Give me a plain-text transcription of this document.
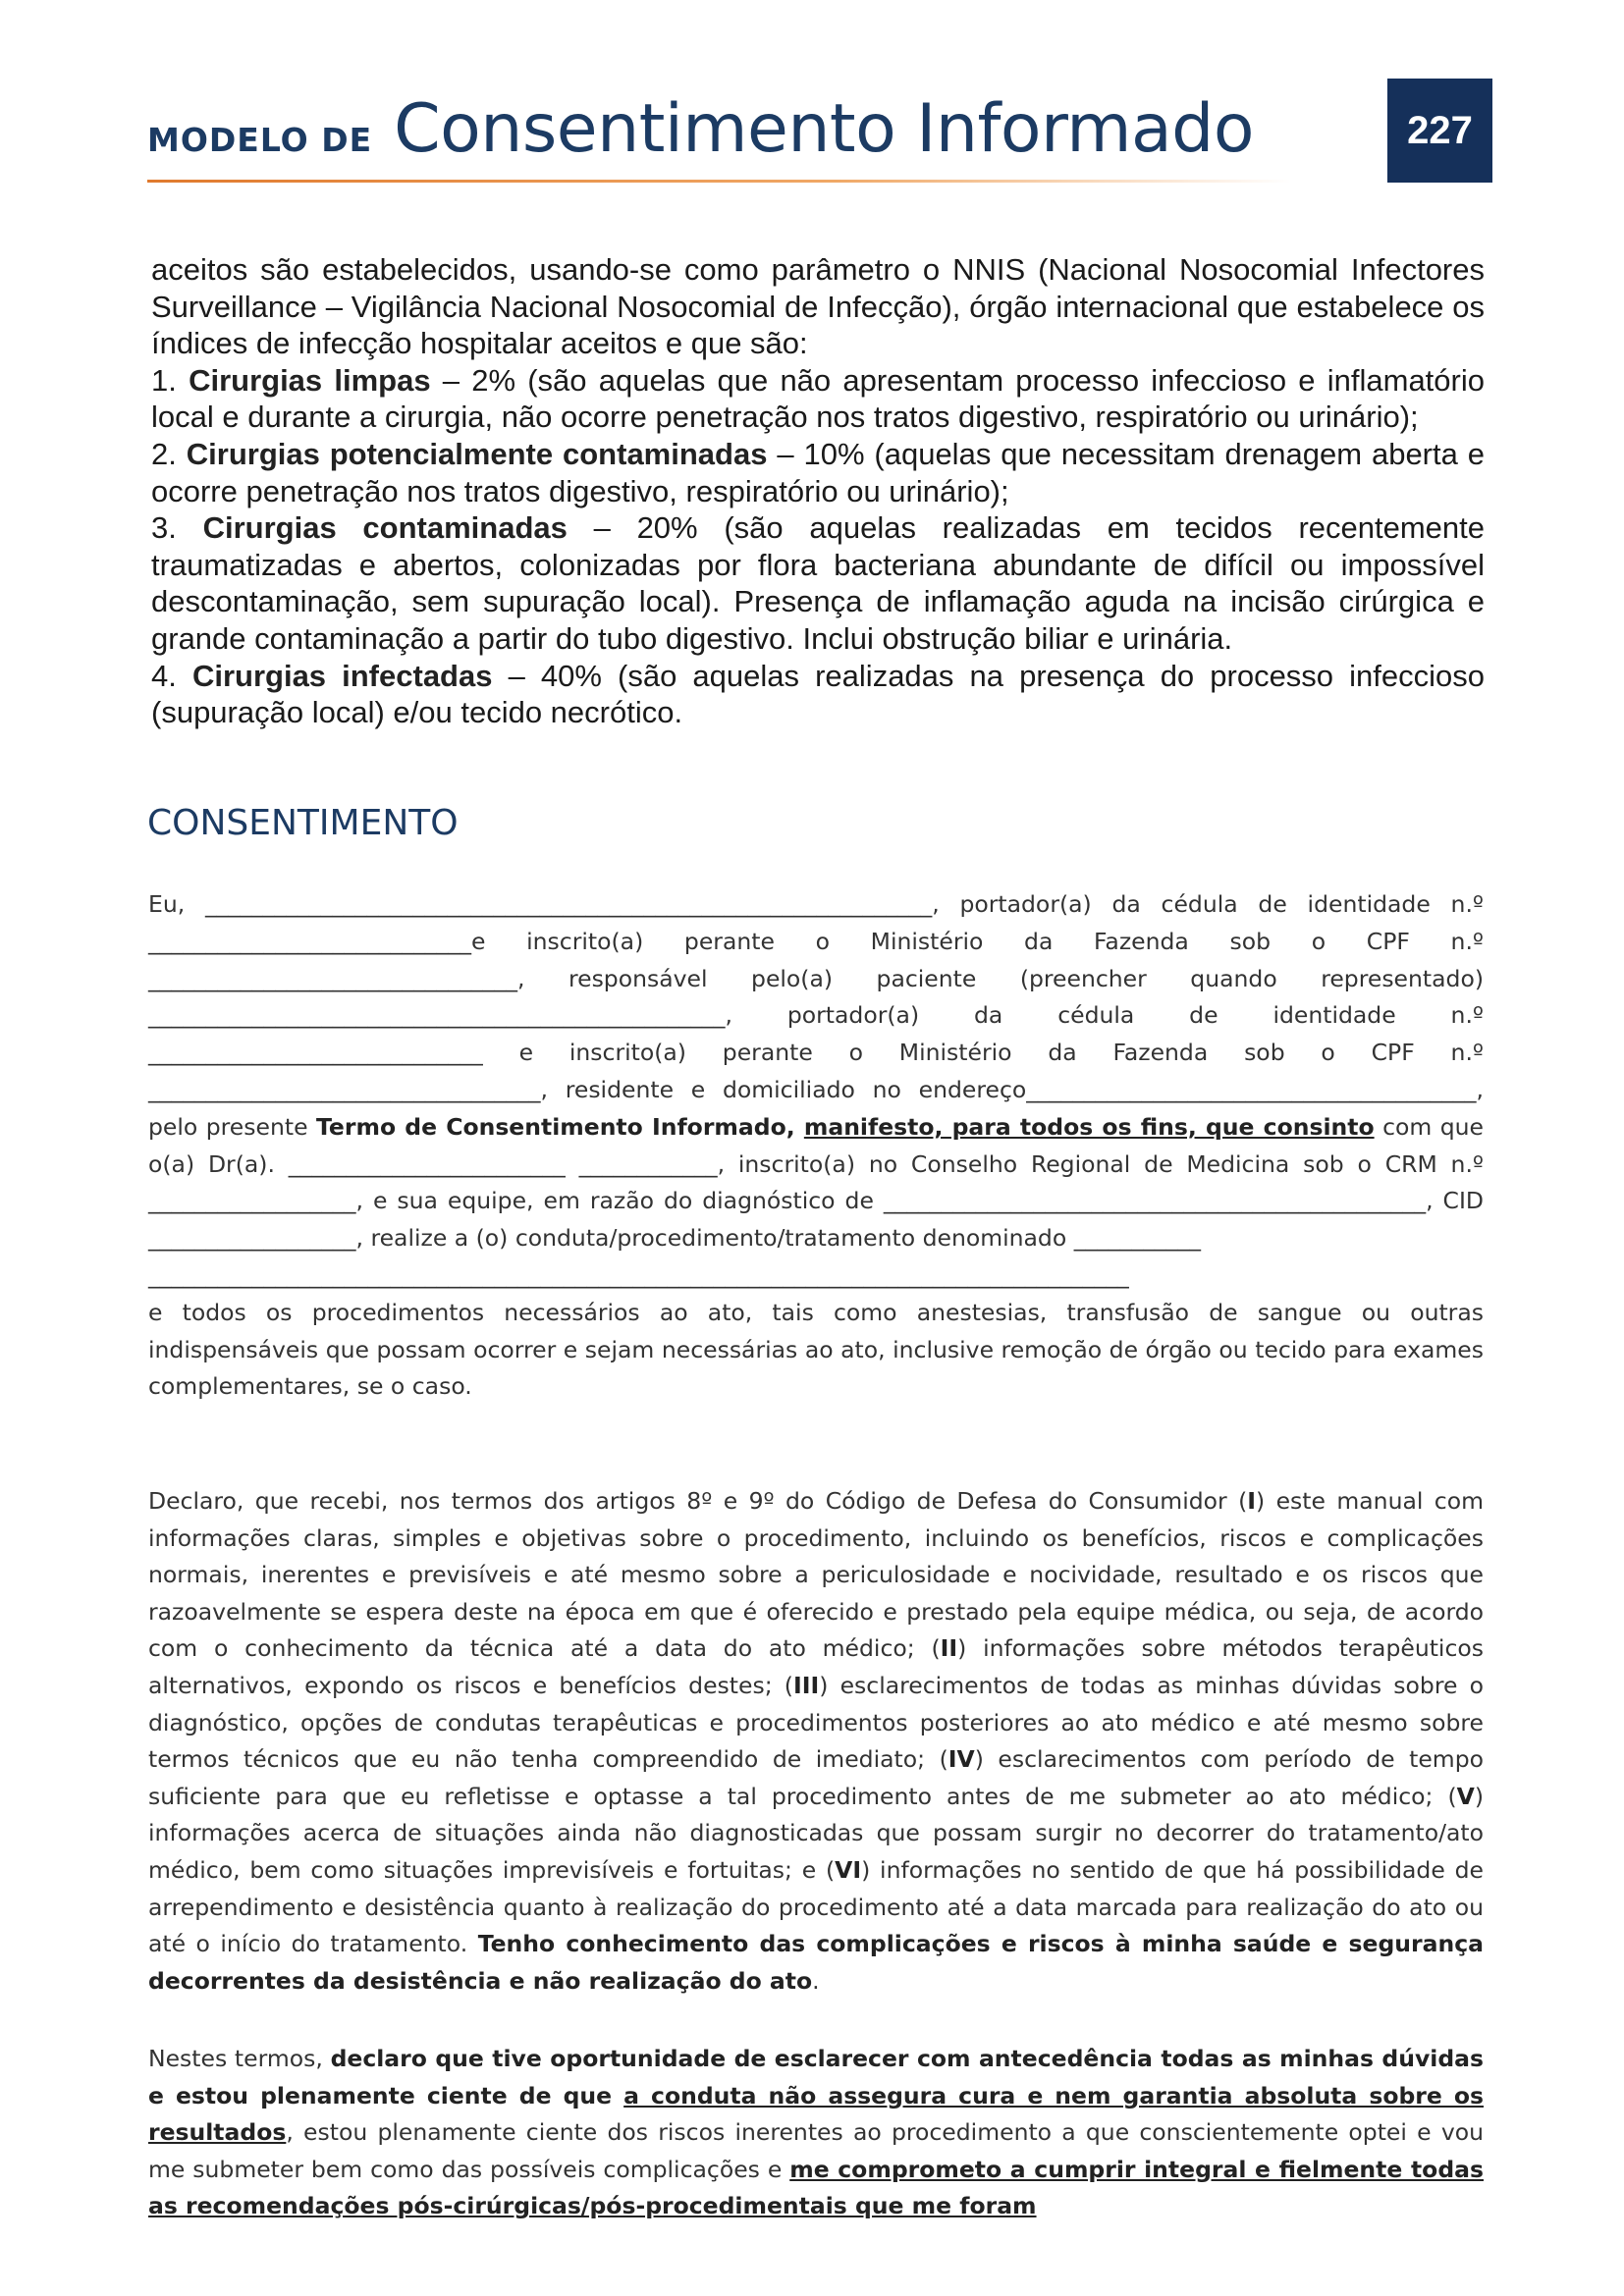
MODELO DE Consentimento Informado	227

aceitos são estabelecidos, usando-se como parâmetro o NNIS (Nacional Nosocomial Infectores Surveillance – Vigilância Nacional Nosocomial de Infecção), órgão internacional que estabelece os índices de infecção hospitalar aceitos e que são:

1. Cirurgias limpas – 2% (são aquelas que não apresentam processo infeccioso e inflamatório local e durante a cirurgia, não ocorre penetração nos tratos digestivo, respiratório ou urinário);

2. Cirurgias potencialmente contaminadas – 10% (aquelas que necessitam drenagem aberta e ocorre penetração nos tratos digestivo, respiratório ou urinário);

3. Cirurgias contaminadas – 20% (são aquelas realizadas em tecidos recentemente traumatizadas e abertos, colonizadas por flora bacteriana abundante de difícil ou impossível descontaminação, sem supuração local). Presença de inflamação aguda na incisão cirúrgica e grande contaminação a partir do tubo digestivo. Inclui obstrução biliar e urinária.

4. Cirurgias infectadas – 40% (são aquelas realizadas na presença do processo infeccioso (supuração local) e/ou tecido necrótico.

CONSENTIMENTO

Eu, _______________________________________________________________, portador(a) da cédula de identidade n.º ____________________________e inscrito(a) perante o Ministério da Fazenda sob o CPF n.º ________________________________, responsável pelo(a) paciente (preencher quando representado) __________________________________________________, portador(a) da cédula de identidade n.º _____________________________ e inscrito(a) perante o Ministério da Fazenda sob o CPF n.º __________________________________, residente e domiciliado no endereço_______________________________________, pelo presente Termo de Consentimento Informado, manifesto, para todos os fins, que consinto com que o(a) Dr(a). ________________________ ____________, inscrito(a) no Conselho Regional de Medicina sob o CRM n.º __________________, e sua equipe, em razão do diagnóstico de _______________________________________________, CID __________________, realize a (o) conduta/procedimento/tratamento denominado ___________

_____________________________________________________________________________________

e todos os procedimentos necessários ao ato, tais como anestesias, transfusão de sangue ou outras indispensáveis que possam ocorrer e sejam necessárias ao ato, inclusive remoção de órgão ou tecido para exames complementares, se o caso.

Declaro, que recebi, nos termos dos artigos 8º e 9º do Código de Defesa do Consumidor (I) este manual com informações claras, simples e objetivas sobre o procedimento, incluindo os benefícios, riscos e complicações normais, inerentes e previsíveis e até mesmo sobre a periculosidade e nocividade, resultado e os riscos que razoavelmente se espera deste na época em que é oferecido e prestado pela equipe médica, ou seja, de acordo com o conhecimento da técnica até a data do ato médico; (II) informações sobre métodos terapêuticos alternativos, expondo os riscos e benefícios destes; (III) esclarecimentos de todas as minhas dúvidas sobre o diagnóstico, opções de condutas terapêuticas e procedimentos posteriores ao ato médico e até mesmo sobre termos técnicos que eu não tenha compreendido de imediato; (IV) esclarecimentos com período de tempo suficiente para que eu refletisse e optasse a tal procedimento antes de me submeter ao ato médico; (V) informações acerca de situações ainda não diagnosticadas que possam surgir no decorrer do tratamento/ato médico, bem como situações imprevisíveis e fortuitas; e (VI) informações no sentido de que há possibilidade de arrependimento e desistência quanto à realização do procedimento até a data marcada para realização do ato ou até o início do tratamento. Tenho conhecimento das complicações e riscos à minha saúde e segurança decorrentes da desistência e não realização do ato.

Nestes termos, declaro que tive oportunidade de esclarecer com antecedência todas as minhas dúvidas e estou plenamente ciente de que a conduta não assegura cura e nem garantia absoluta sobre os resultados, estou plenamente ciente dos riscos inerentes ao procedimento a que conscientemente optei e vou me submeter bem como das possíveis complicações e me comprometo a cumprir integral e fielmente todas as recomendações pós-cirúrgicas/pós-procedimentais que me foram
